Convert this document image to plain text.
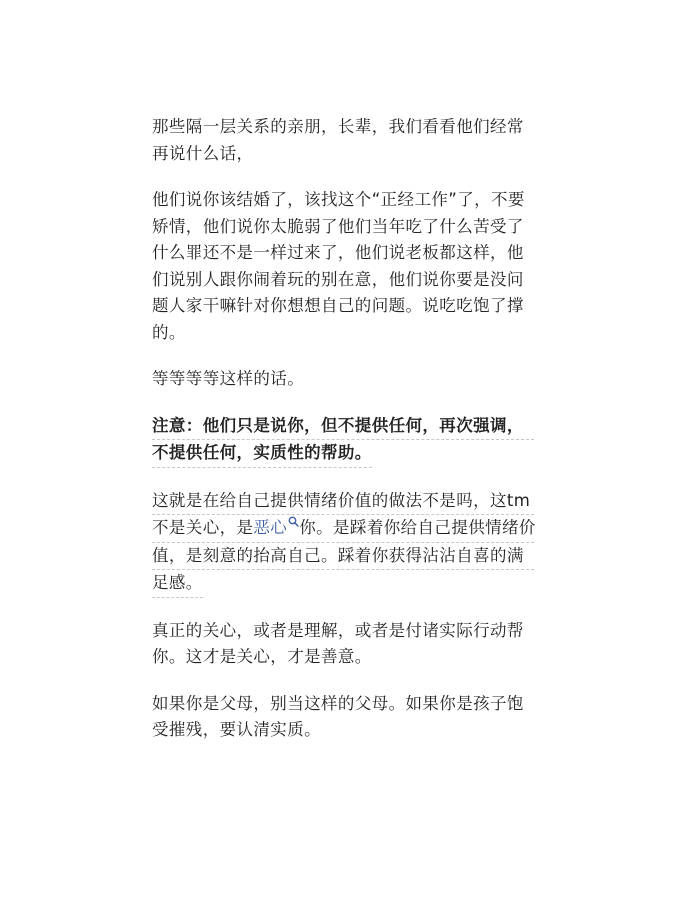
那些隔一层关系的亲朋，长辈，我们看看他们经常
再说什么话，

他们说你该结婚了，该找这个“正经工作”了，不要
矫情，他们说你太脆弱了他们当年吃了什么苦受了
什么罪还不是一样过来了，他们说老板都这样，他
们说别人跟你闹着玩的别在意，他们说你要是没问
题人家干嘛针对你想想自己的问题。说吃吃饱了撑
的。

等等等等这样的话。

注意：他们只是说你，但不提供任何，再次强调，
不提供任何，实质性的帮助。

这就是在给自己提供情绪价值的做法不是吗，这tm
不是关心，是恶心 你。是踩着你给自己提供情绪价
值，是刻意的抬高自己。踩着你获得沾沾自喜的满
足感。

真正的关心，或者是理解，或者是付诸实际行动帮
你。这才是关心，才是善意。

如果你是父母，别当这样的父母。如果你是孩子饱
受摧残，要认清实质。
